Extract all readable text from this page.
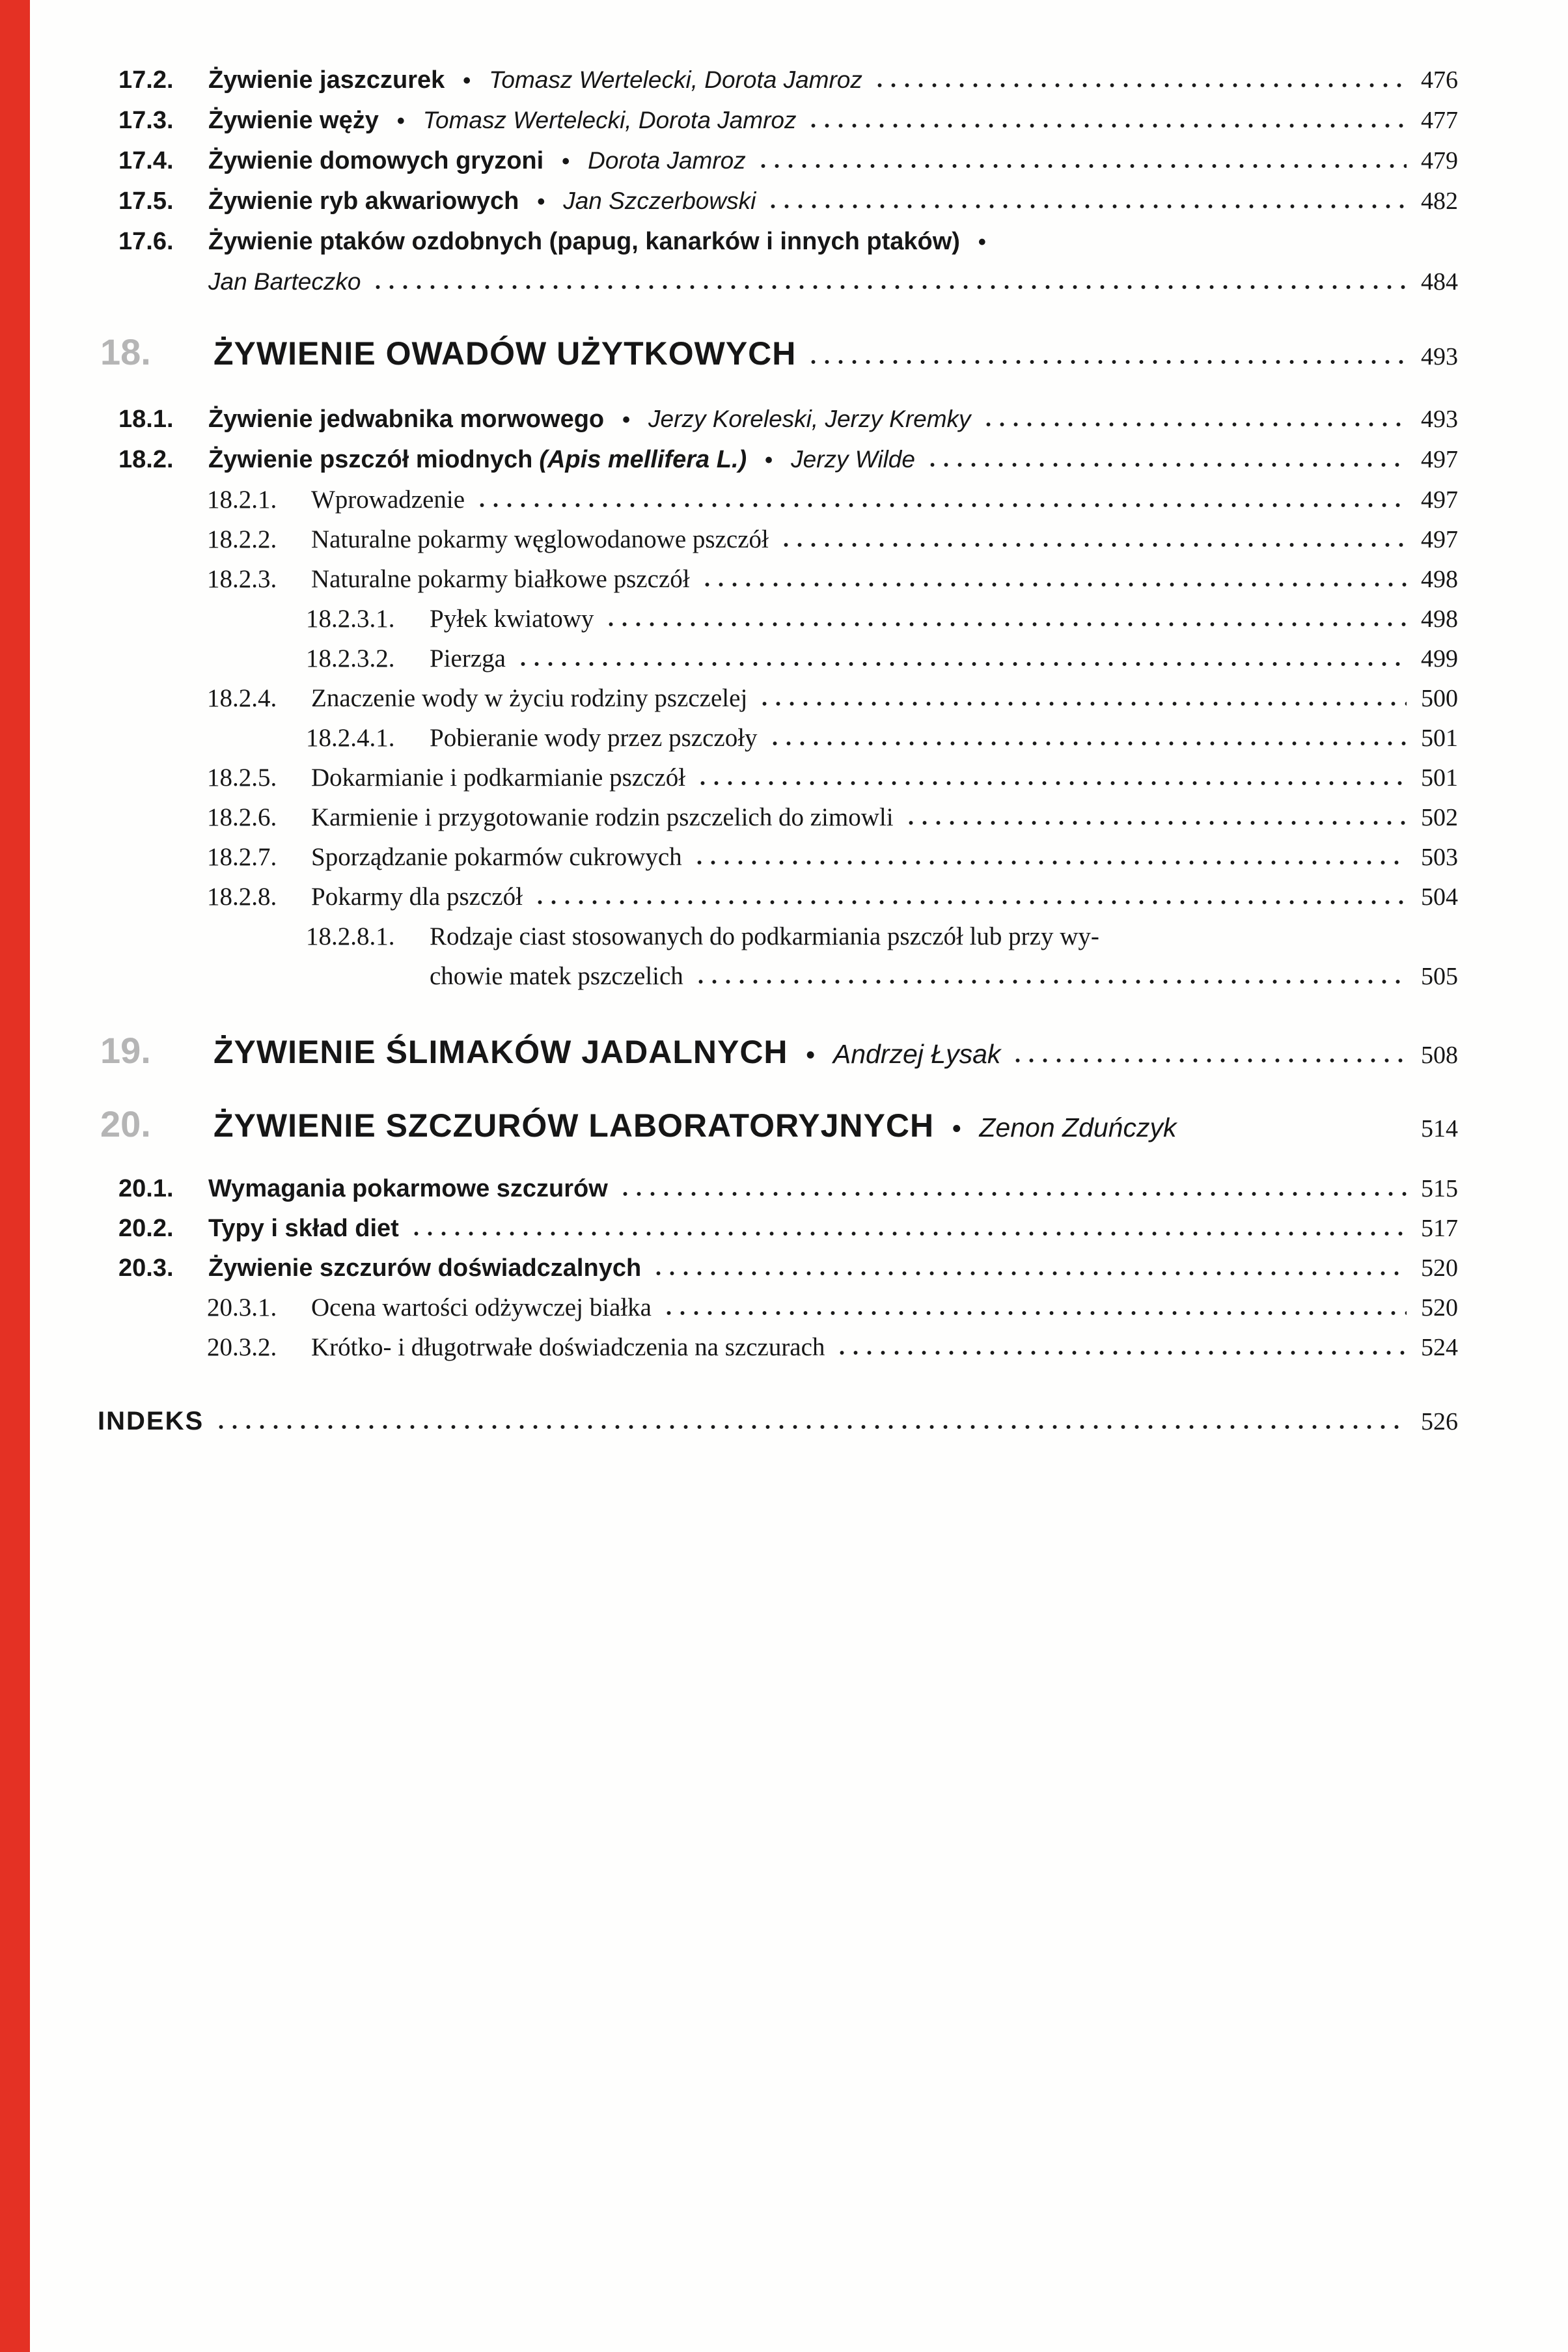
17.2.	Żywienie jaszczurek • Tomasz Wertelecki, Dorota Jamroz	476
17.3.	Żywienie węży • Tomasz Wertelecki, Dorota Jamroz	477
17.4.	Żywienie domowych gryzoni • Dorota Jamroz	479
17.5.	Żywienie ryb akwariowych • Jan Szczerbowski	482
17.6.	Żywienie ptaków ozdobnych (papug, kanarków i innych ptaków) •
Jan Barteczko	484
18.	ŻYWIENIE OWADÓW UŻYTKOWYCH	493
18.1.	Żywienie jedwabnika morwowego • Jerzy Koreleski, Jerzy Kremky	493
18.2.	Żywienie pszczół miodnych (Apis mellifera L.) • Jerzy Wilde	497
18.2.1.	Wprowadzenie	497
18.2.2.	Naturalne pokarmy węglowodanowe pszczół	497
18.2.3.	Naturalne pokarmy białkowe pszczół	498
18.2.3.1.	Pyłek kwiatowy	498
18.2.3.2.	Pierzga	499
18.2.4.	Znaczenie wody w życiu rodziny pszczelej	500
18.2.4.1.	Pobieranie wody przez pszczoły	501
18.2.5.	Dokarmianie i podkarmianie pszczół	501
18.2.6.	Karmienie i przygotowanie rodzin pszczelich do zimowli	502
18.2.7.	Sporządzanie pokarmów cukrowych	503
18.2.8.	Pokarmy dla pszczół	504
18.2.8.1.	Rodzaje ciast stosowanych do podkarmiania pszczół lub przy wy-
chowie matek pszczelich	505
19.	ŻYWIENIE ŚLIMAKÓW JADALNYCH • Andrzej Łysak	508
20.	ŻYWIENIE SZCZURÓW LABORATORYJNYCH • Zenon Zduńczyk	514
20.1.	Wymagania pokarmowe szczurów	515
20.2.	Typy i skład diet	517
20.3.	Żywienie szczurów doświadczalnych	520
20.3.1.	Ocena wartości odżywczej białka	520
20.3.2.	Krótko- i długotrwałe doświadczenia na szczurach	524
INDEKS	526
